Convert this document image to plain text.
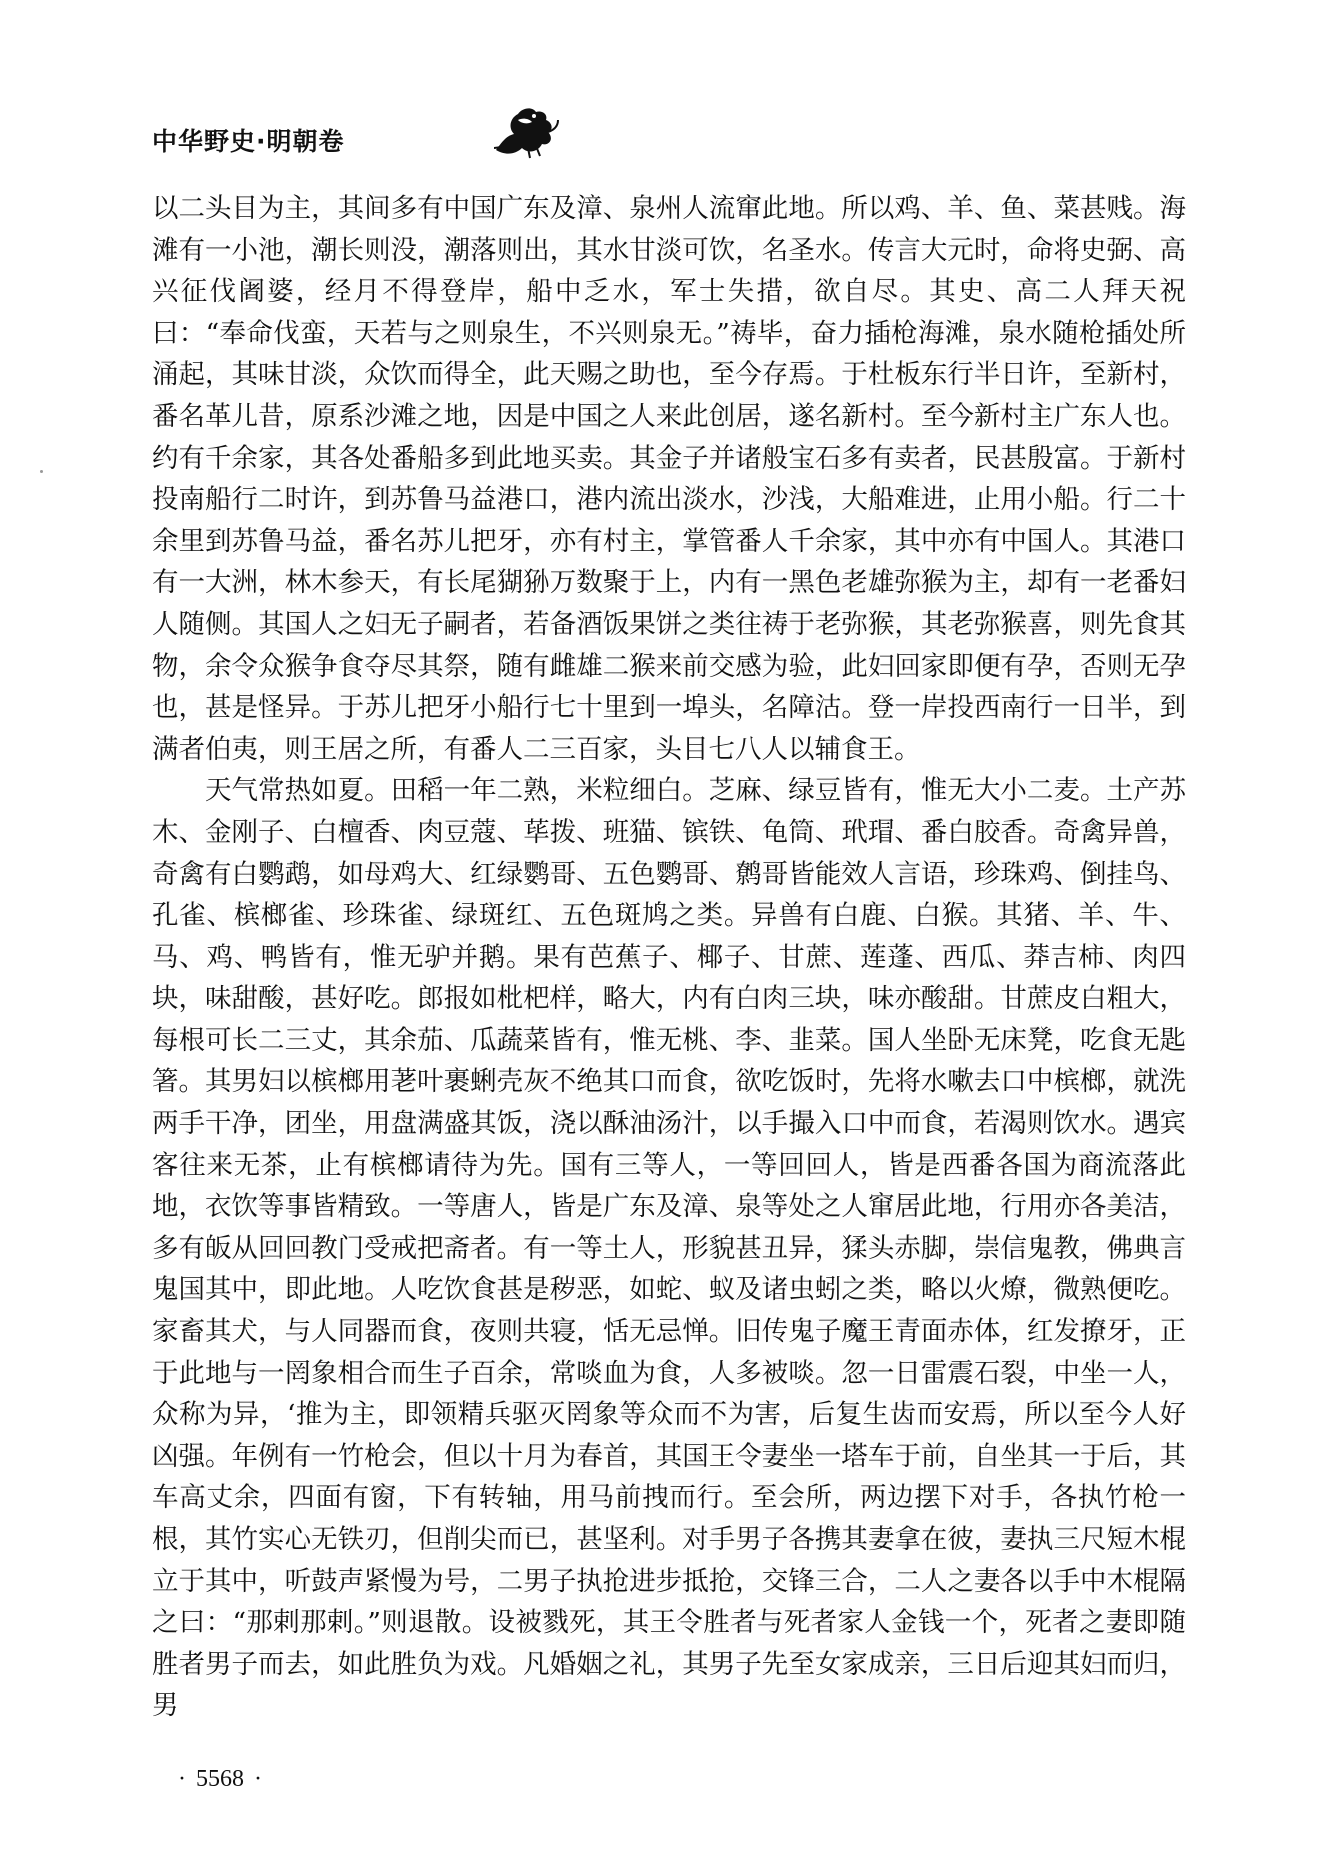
中华野史·明朝卷

以二头目为主，其间多有中国广东及漳、泉州人流窜此地。所以鸡、羊、鱼、菜甚贱。海滩有一小池，潮长则没，潮落则出，其水甘淡可饮，名圣水。传言大元时，命将史弼、高兴征伐阇婆，经月不得登岸，船中乏水，军士失措，欲自尽。其史、高二人拜天祝曰：“奉命伐蛮，天若与之则泉生，不兴则泉无。”祷毕，奋力插枪海滩，泉水随枪插处所涌起，其味甘淡，众饮而得全，此天赐之助也，至今存焉。于杜板东行半日许，至新村，番名革儿昔，原系沙滩之地，因是中国之人来此创居，遂名新村。至今新村主广东人也。约有千余家，其各处番船多到此地买卖。其金子并诸般宝石多有卖者，民甚殷富。于新村投南船行二时许，到苏鲁马益港口，港内流出淡水，沙浅，大船难进，止用小船。行二十余里到苏鲁马益，番名苏儿把牙，亦有村主，掌管番人千余家，其中亦有中国人。其港口有一大洲，林木参天，有长尾猢狲万数聚于上，内有一黑色老雄弥猴为主，却有一老番妇人随侧。其国人之妇无子嗣者，若备酒饭果饼之类往祷于老弥猴，其老弥猴喜，则先食其物，余令众猴争食夺尽其祭，随有雌雄二猴来前交感为验，此妇回家即便有孕，否则无孕也，甚是怪异。于苏儿把牙小船行七十里到一埠头，名障沽。登一岸投西南行一日半，到满者伯夷，则王居之所，有番人二三百家，头目七八人以辅食王。

天气常热如夏。田稻一年二熟，米粒细白。芝麻、绿豆皆有，惟无大小二麦。土产苏木、金刚子、白檀香、肉豆蔻、荜拨、班猫、镔铁、龟筒、玳瑁、番白胶香。奇禽异兽，奇禽有白鹦鹉，如母鸡大、红绿鹦哥、五色鹦哥、鹩哥皆能效人言语，珍珠鸡、倒挂鸟、孔雀、槟榔雀、珍珠雀、绿斑红、五色斑鸠之类。异兽有白鹿、白猴。其猪、羊、牛、马、鸡、鸭皆有，惟无驴并鹅。果有芭蕉子、椰子、甘蔗、莲蓬、西瓜、莽吉柿、肉四块，味甜酸，甚好吃。郎报如枇杷样，略大，内有白肉三块，味亦酸甜。甘蔗皮白粗大，每根可长二三丈，其余茄、瓜蔬菜皆有，惟无桃、李、韭菜。国人坐卧无床凳，吃食无匙箸。其男妇以槟榔用荖叶裹蜊壳灰不绝其口而食，欲吃饭时，先将水嗽去口中槟榔，就洗两手干净，团坐，用盘满盛其饭，浇以酥油汤汁，以手撮入口中而食，若渴则饮水。遇宾客往来无茶，止有槟榔请待为先。国有三等人，一等回回人，皆是西番各国为商流落此地，衣饮等事皆精致。一等唐人，皆是广东及漳、泉等处之人窜居此地，行用亦各美洁，多有皈从回回教门受戒把斋者。有一等土人，形貌甚丑异，猱头赤脚，崇信鬼教，佛典言鬼国其中，即此地。人吃饮食甚是秽恶，如蛇、蚁及诸虫蚓之类，略以火燎，微熟便吃。家畜其犬，与人同器而食，夜则共寝，恬无忌惮。旧传鬼子魔王青面赤体，红发撩牙，正于此地与一罔象相合而生子百余，常啖血为食，人多被啖。忽一日雷震石裂，中坐一人，众称为异，‘推为主，即领精兵驱灭罔象等众而不为害，后复生齿而安焉，所以至今人好凶强。年例有一竹枪会，但以十月为春首，其国王令妻坐一塔车于前，自坐其一于后，其车高丈余，四面有窗，下有转轴，用马前拽而行。至会所，两边摆下对手，各执竹枪一根，其竹实心无铁刃，但削尖而已，甚坚利。对手男子各携其妻拿在彼，妻执三尺短木棍立于其中，听鼓声紧慢为号，二男子执抢进步抵抢，交锋三合，二人之妻各以手中木棍隔之曰：“那剌那剌。”则退散。设被戮死，其王令胜者与死者家人金钱一个，死者之妻即随胜者男子而去，如此胜负为戏。凡婚姻之礼，其男子先至女家成亲，三日后迎其妇而归，男

· 5568 ·
